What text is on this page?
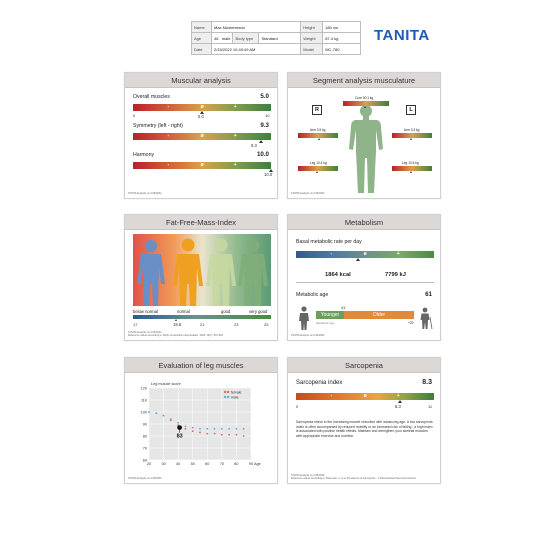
Name	Max Mustermann			Height	180 cm
Age	46 male	Body type	Standard	Weight	87.4 kg
Date	2/15/2022 10:49:49 AM			Model	MC-780
TANITA
Muscular analysis
Overall muscles	5.0
-	ø	+
0	10
5.0
Symmetry (left - right)	9.3
-	ø	+
9.3
Harmony	10.0
-	ø	+
10.0
TANITA Analysis on 2/15/2022
Segment analysis musculature
R	L
Core 30.1 kg
Arm 3.5 kg	Arm 3.3 kg
Leg 10.4 kg	Leg 10.6 kg
TANITA Analysis on 2/15/2022
Fat-Free-Mass-Index
below normal	normal	good	very good
17	19.6	21	23	25
TANITA Analysis on 2/15/2022
Reference values according to: Body composition interpretation, 2003; 19(7): 597-604
Metabolism
Basal metabolic rate per day
-	ø	+
1864 kcal	7799 kJ
Metabolic age	61
41
Younger	Older
Metabolic age	+20
TANITA Analysis on 2/15/2022
Evaluation of leg muscles
60
70
80
90
100
110
120
20	30	40	50	60	70	80	90
Leg muscle score
Age
female
male
83
TANITA Analysis on 2/15/2022
Sarcopenia
Sarcopenia index	8.3
-	ø	+
0	8.3	11
Sarcopenia refers to the increasing muscle reduction with advancing age. A low sarcopenia index is often accompanied by reduced mobility or an increased risk of falling - a high index is associated with positive health effects. Maintain and strengthen your skeletal muscles with appropriate exercise and nutrition.
TANITA Analysis on 2/15/2022
Reference values according to: Baumeler, J. et al. Prevalence of sarcopenia... J Musculoskelet Neuronal Interact.
